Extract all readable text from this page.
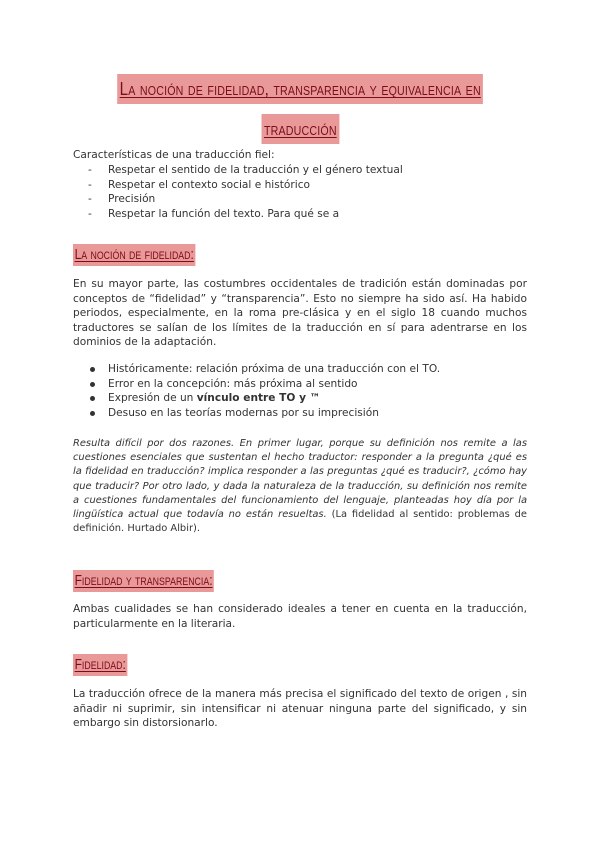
La noción de fidelidad, transparencia y equivalencia en
traducción
Características de una traducción fiel:
- Respetar el sentido de la traducción y el género textual
- Respetar el contexto social e histórico
- Precisión
- Respetar la función del texto. Para qué se a
La noción de fidelidad:
En su mayor parte, las costumbres occidentales de tradición están dominadas por conceptos de “fidelidad” y “transparencia”. Esto no siempre ha sido así. Ha habido periodos, especialmente, en la roma pre-clásica y en el siglo 18 cuando muchos traductores se salían de los límites de la traducción en sí para adentrarse en los dominios de la adaptación.
Históricamente: relación próxima de una traducción con el TO.
Error en la concepción: más próxima al sentido
Expresión de un vínculo entre TO y ™
Desuso en las teorías modernas por su imprecisión
Resulta difícil por dos razones. En primer lugar, porque su definición nos remite a las cuestiones esenciales que sustentan el hecho traductor: responder a la pregunta ¿qué es la fidelidad en traducción? implica responder a las preguntas ¿qué es traducir?, ¿cómo hay que traducir? Por otro lado, y dada la naturaleza de la traducción, su definición nos remite a cuestiones fundamentales del funcionamiento del lenguaje, planteadas hoy día por la lingüística actual que todavía no están resueltas. (La fidelidad al sentido: problemas de definición. Hurtado Albir).
Fidelidad y transparencia:
Ambas cualidades se han considerado ideales a tener en cuenta en la traducción, particularmente en la literaria.
Fidelidad:
La traducción ofrece de la manera más precisa el significado del texto de origen , sin añadir ni suprimir, sin intensificar ni atenuar ninguna parte del significado, y sin embargo sin distorsionarlo.
